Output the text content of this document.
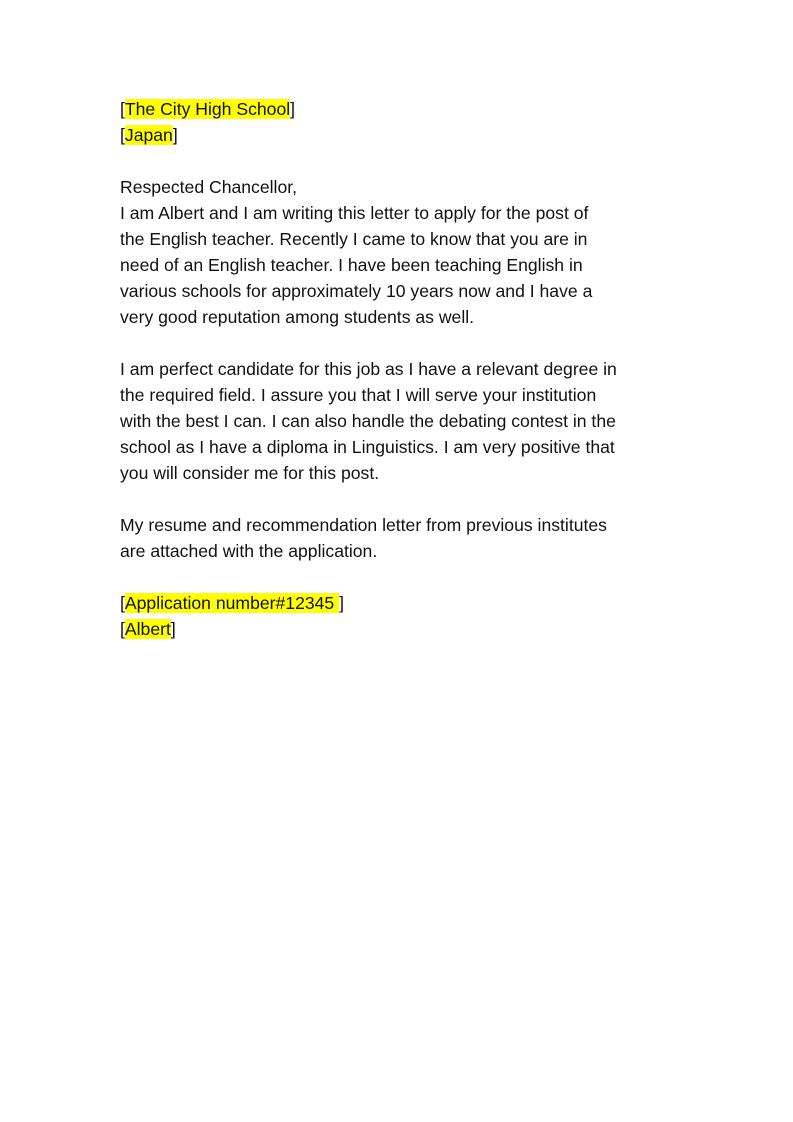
[The City High School]
[Japan]
Respected Chancellor,
I am Albert and I am writing this letter to apply for the post of
the English teacher. Recently I came to know that you are in
need of an English teacher. I have been teaching English in
various schools for approximately 10 years now and I have a
very good reputation among students as well.
I am perfect candidate for this job as I have a relevant degree in
the required field. I assure you that I will serve your institution
with the best I can. I can also handle the debating contest in the
school as I have a diploma in Linguistics. I am very positive that
you will consider me for this post.
My resume and recommendation letter from previous institutes
are attached with the application.
[Application number#12345 ]
[Albert]
